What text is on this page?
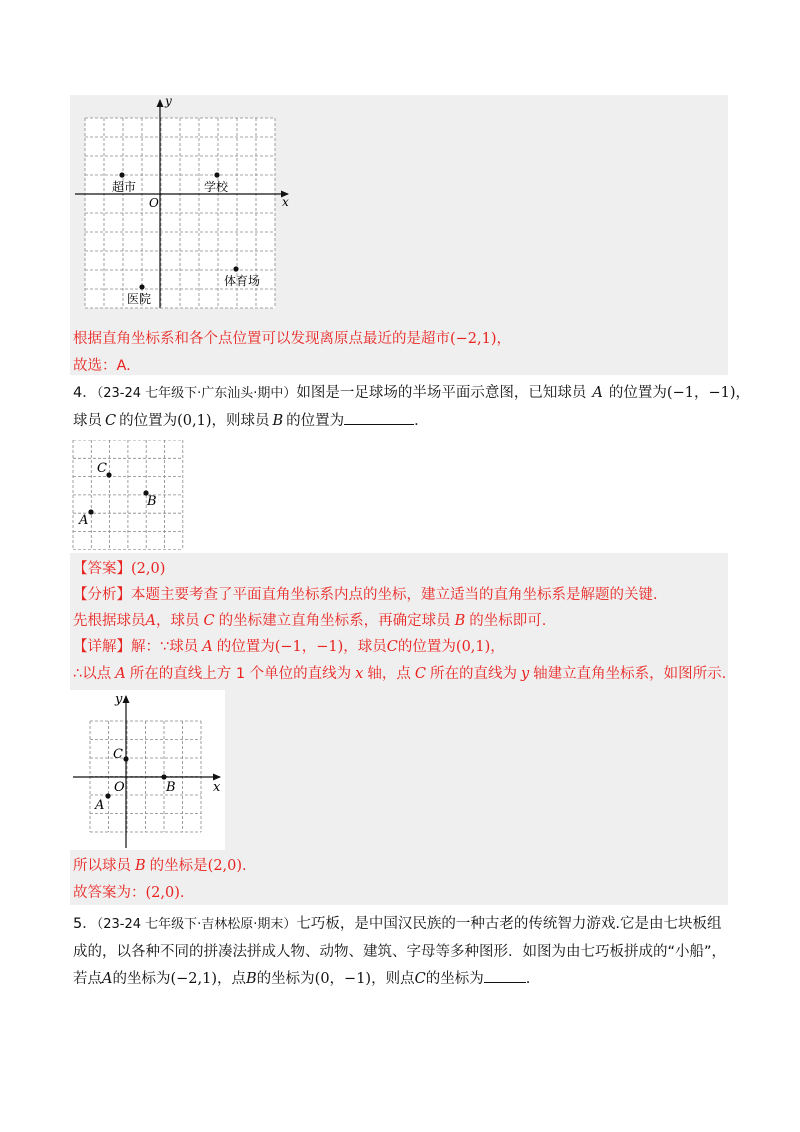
x
y
O
超市	学校
体育场
医院
根据直角坐标系和各个点位置可以发现离原点最近的是超市(−2,1)，
故选：A.
4．（23-24 七年级下·广东汕头·期中）如图是一足球场的半场平面示意图，已知球员 A 的位置为(−1，−1)，
球员 C 的位置为(0,1)，则球员 B 的位置为	．
C
B
A
【答案】(2,0)
【分析】本题主要考查了平面直角坐标系内点的坐标，建立适当的直角坐标系是解题的关键.
先根据球员A，球员 C 的坐标建立直角坐标系，再确定球员 B 的坐标即可.
【详解】解：∵球员 A 的位置为(−1，−1)，球员C的位置为(0,1)，
∴以点 A 所在的直线上方 1 个单位的直线为 x 轴，点 C 所在的直线为 y 轴建立直角坐标系，如图所示.
x
y
O
C
B
A
所以球员 B 的坐标是(2,0).
故答案为：(2,0).
5．（23-24 七年级下·吉林松原·期末）七巧板，是中国汉民族的一种古老的传统智力游戏.它是由七块板组
成的，以各种不同的拼凑法拼成人物、动物、建筑、字母等多种图形．如图为由七巧板拼成的“小船”，
若点A的坐标为(−2,1)，点B的坐标为(0，−1)，则点C的坐标为	.
